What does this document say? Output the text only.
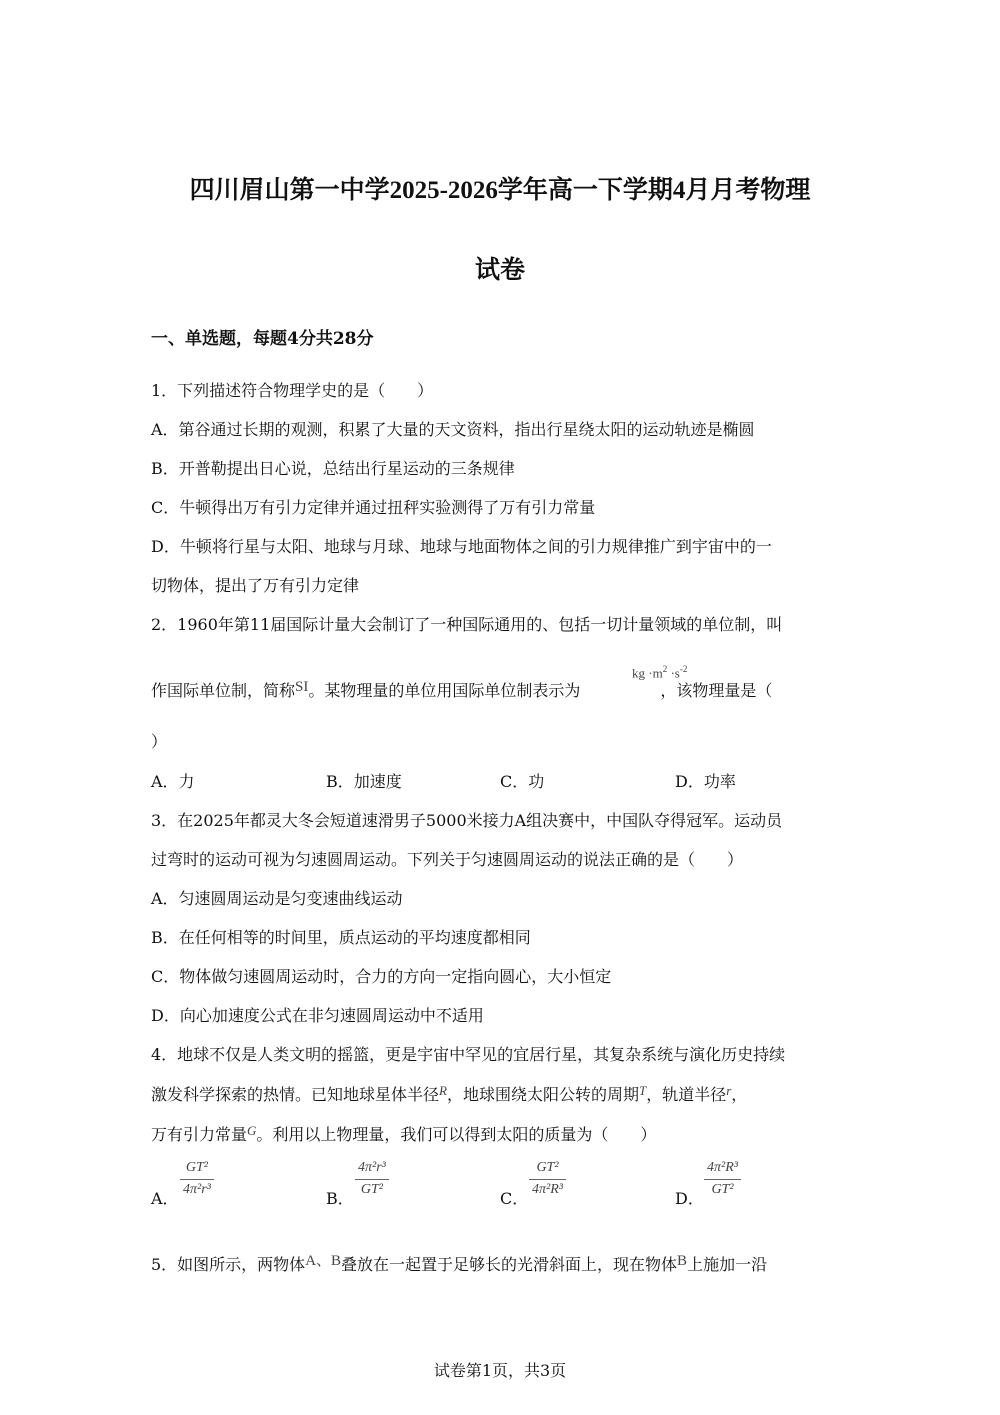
四川眉山第一中学2025-2026学年高一下学期4月月考物理
试卷
一、单选题，每题4分共28分
1．下列描述符合物理学史的是（　　）
A．第谷通过长期的观测，积累了大量的天文资料，指出行星绕太阳的运动轨迹是椭圆
B．开普勒提出日心说，总结出行星运动的三条规律
C．牛顿得出万有引力定律并通过扭秤实验测得了万有引力常量
D．牛顿将行星与太阳、地球与月球、地球与地面物体之间的引力规律推广到宇宙中的一
切物体，提出了万有引力定律
2．1960年第11届国际计量大会制订了一种国际通用的、包括一切计量领域的单位制，叫
作国际单位制，简称SI。某物理量的单位用国际单位制表示为	，该物理量是（
kg $\cdot m^2 \cdot s^{-2}$
）
A．力	B．加速度	C．功	D．功率
3．在2025年都灵大冬会短道速滑男子5000米接力A组决赛中，中国队夺得冠军。运动员
过弯时的运动可视为匀速圆周运动。下列关于匀速圆周运动的说法正确的是（　　）
A．匀速圆周运动是匀变速曲线运动
B．在任何相等的时间里，质点运动的平均速度都相同
C．物体做匀速圆周运动时，合力的方向一定指向圆心，大小恒定
D．向心加速度公式在非匀速圆周运动中不适用
4．地球不仅是人类文明的摇篮，更是宇宙中罕见的宜居行星，其复杂系统与演化历史持续
激发科学探索的热情。已知地球星体半径$^R$，地球围绕太阳公转的周期$^T$，轨道半径$^r$，
万有引力常量$^G$。利用以上物理量，我们可以得到太阳的质量为（　　）
A．
GT²
4π²r³	B．
4π²r³
GT²	C．
GT²
4π²R³	D．
4π²R³
GT²
5．如图所示，两物体A、B叠放在一起置于足够长的光滑斜面上，现在物体B上施加一沿
试卷第1页，共3页
